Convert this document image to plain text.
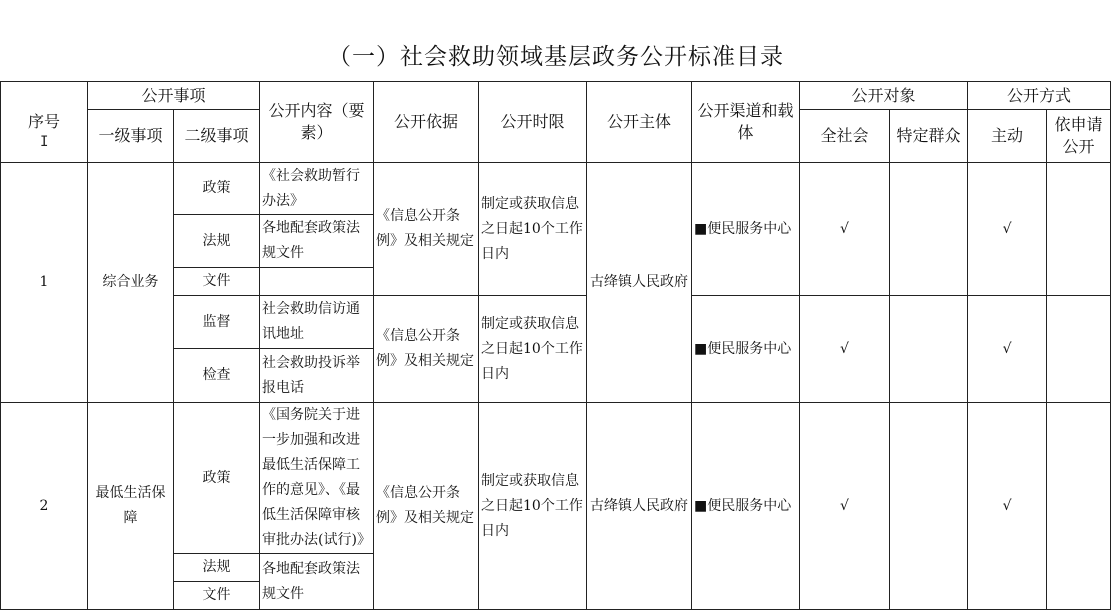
（一）社会救助领域基层政务公开标准目录
序号	公开事项		公开内容（要素）	公开依据	公开时限	公开主体	公开渠道和载体	公开对象		公开方式	
	一级事项	二级事项						全社会	特定群众	主动	依申请公开
1	综合业务	政策	《社会救助暂行办法》	《信息公开条例》及相关规定	制定或获取信息之日起10个工作日内	古绛镇人民政府	■便民服务中心	√		√	
		法规	各地配套政策法规文件								
		文件									
		监督	社会救助信访通讯地址	《信息公开条例》及相关规定	制定或获取信息之日起10个工作日内		■便民服务中心	√		√	
		检查	社会救助投诉举报电话								
2	最低生活保障	政策	《国务院关于进一步加强和改进最低生活保障工作的意见》、《最低生活保障审核审批办法(试行)》	《信息公开条例》及相关规定	制定或获取信息之日起10个工作日内	古绛镇人民政府	■便民服务中心	√		√	
		法规	各地配套政策法规文件								
		文件									
I
